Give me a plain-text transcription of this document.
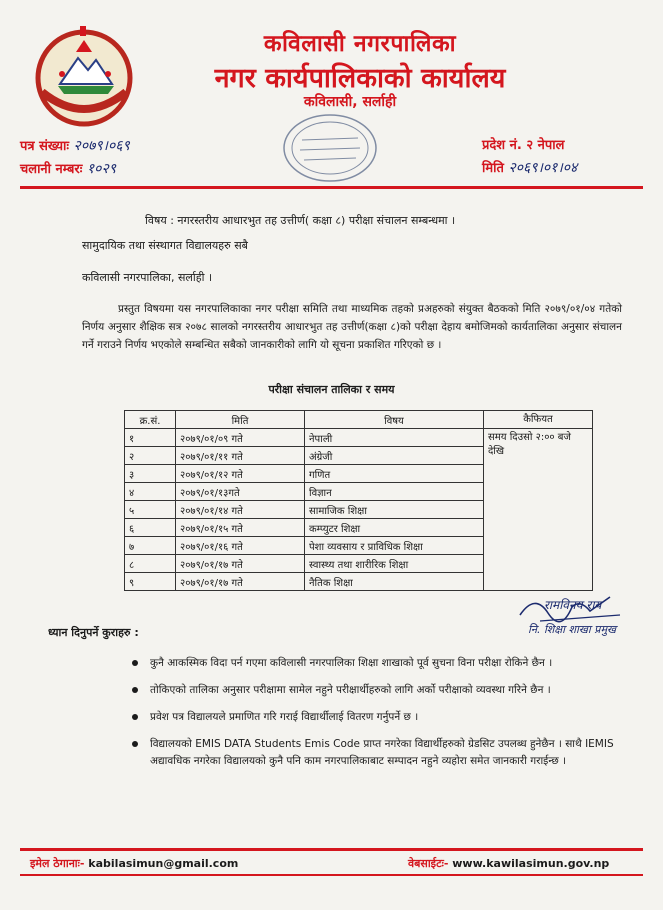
कविलासी नगरपालिका
नगर कार्यपालिकाको कार्यालय
कविलासी, सर्लाही
पत्र संख्याः २०७९।०६९
चलानी नम्बरः १०२९
प्रदेश नं. २ नेपाल
मिति २०६९।०१।०४
विषय : नगरस्तरीय आधारभुत तह उत्तीर्ण( कक्षा ८) परीक्षा संचालन सम्बन्धमा ।
सामुदायिक तथा संस्थागत विद्यालयहरु सबै
कविलासी नगरपालिका, सर्लाही ।
प्रस्तुत विषयमा यस नगरपालिकाका नगर परीक्षा समिति तथा माध्यमिक तहको प्रअहरुको संयुक्त बैठकको मिति २०७९/०१/०४ गतेको निर्णय अनुसार शैक्षिक सत्र २०७८ सालको नगरस्तरीय आधारभुत तह उत्तीर्ण(कक्षा ८)को परीक्षा देहाय बमोजिमको कार्यतालिका अनुसार संचालन गर्ने गराउने निर्णय भएकोले सम्बन्धित सबैको जानकारीको लागि यो सूचना प्रकाशित गरिएको छ ।
परीक्षा संचालन तालिका र समय
क्र.सं.	मिति	विषय	कैफियत
१	२०७९/०१/०९ गते	नेपाली	समय दिउसो २:०० बजे देखि
२	२०७९/०१/११ गते	अंग्रेजी	
३	२०७९/०१/१२ गते	गणित	
४	२०७९/०१/१३गते	विज्ञान	
५	२०७९/०१/१४ गते	सामाजिक शिक्षा	
६	२०७९/०१/१५ गते	कम्प्युटर शिक्षा	
७	२०७९/०१/१६ गते	पेशा व्यवसाय र प्राविधिक शिक्षा	
८	२०७९/०१/१७ गते	स्वास्थ्य तथा शारीरिक शिक्षा	
९	२०७९/०१/१७ गते	नैतिक शिक्षा	
रामविनय राय
नि. शिक्षा शाखा प्रमुख
ध्यान दिनुपर्ने कुराहरु :
कुनै आकस्मिक विदा पर्न गएमा कविलासी नगरपालिका शिक्षा शाखाको पूर्व सुचना विना परीक्षा रोकिने छैन ।
तोकिएको तालिका अनुसार परीक्षामा सामेल नहुने परीक्षार्थीहरुको लागि अर्को परीक्षाको व्यवस्था गरिने छैन ।
प्रवेश पत्र विद्यालयले प्रमाणित गरि गराई विद्यार्थीलाई वितरण गर्नुपर्ने छ ।
विद्यालयको EMIS DATA Students Emis Code प्राप्त नगरेका विद्यार्थीहरुको ग्रेडसिट उपलब्ध हुनेछैन । साथै IEMIS अद्यावधिक नगरेका विद्यालयको कुनै पनि काम नगरपालिकाबाट सम्पादन नहुने व्यहोरा समेत जानकारी गराईन्छ ।
इमेल ठेगानाः- kabilasimun@gmail.com	वेबसाईटः- www.kawilasimun.gov.np
